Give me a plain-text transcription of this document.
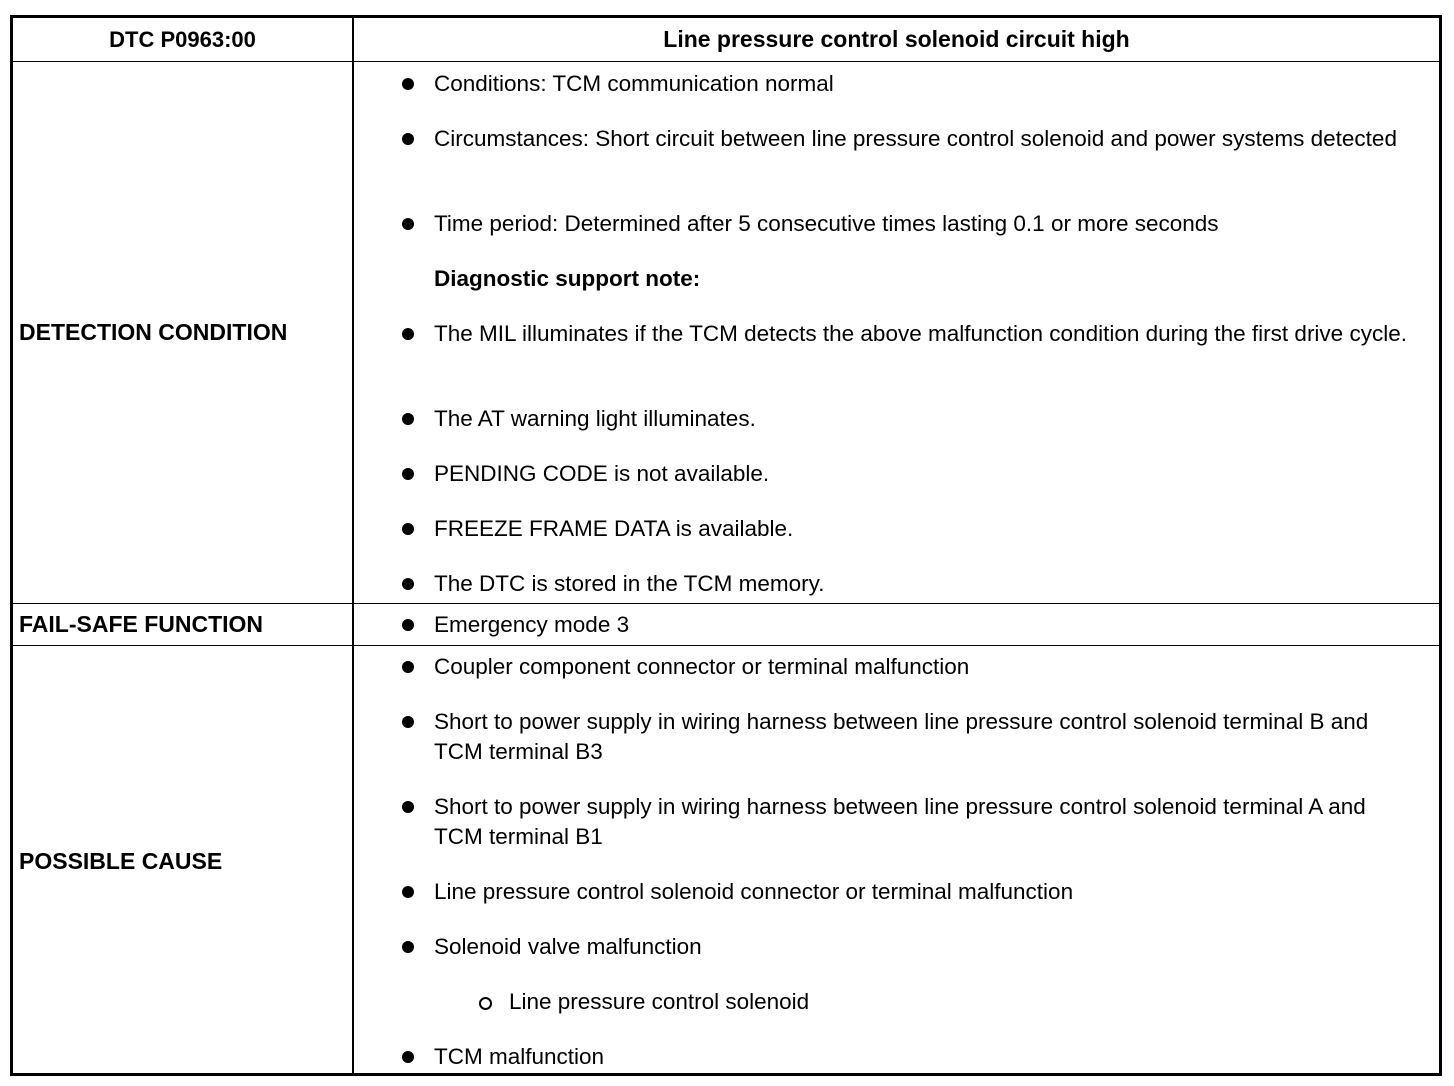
DTC P0963:00	Line pressure control solenoid circuit high
DETECTION CONDITION
Conditions: TCM communication normal
Circumstances: Short circuit between line pressure control solenoid and power systems detected
Time period: Determined after 5 consecutive times lasting 0.1 or more seconds
Diagnostic support note:
The MIL illuminates if the TCM detects the above malfunction condition during the first drive cycle.
The AT warning light illuminates.
PENDING CODE is not available.
FREEZE FRAME DATA is available.
The DTC is stored in the TCM memory.
FAIL-SAFE FUNCTION	Emergency mode 3
POSSIBLE CAUSE
Coupler component connector or terminal malfunction
Short to power supply in wiring harness between line pressure control solenoid terminal B and TCM terminal B3
Short to power supply in wiring harness between line pressure control solenoid terminal A and TCM terminal B1
Line pressure control solenoid connector or terminal malfunction
Solenoid valve malfunction
Line pressure control solenoid
TCM malfunction
